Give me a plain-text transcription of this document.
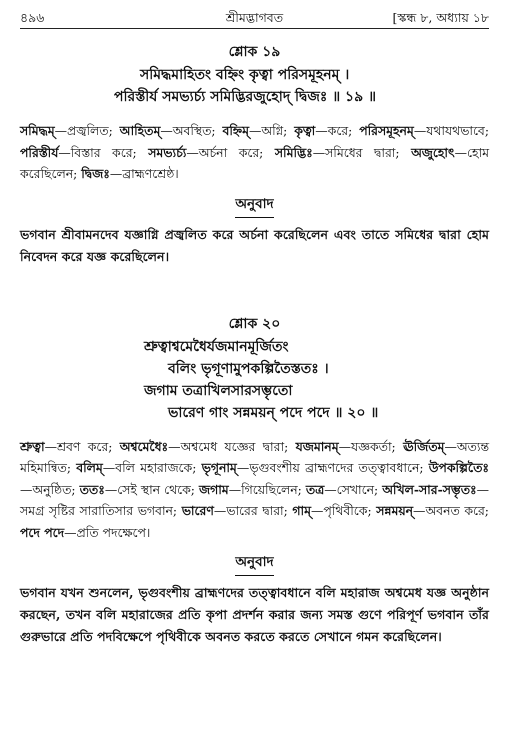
৪৯৬	শ্রীমদ্ভাগবত	[স্কন্ধ ৮, অধ্যায় ১৮
শ্লোক ১৯
সমিদ্ধমাহিতং বহ্নিং কৃত্বা পরিসমূহনম্ ।
পরিস্তীর্য সমভ্যর্চ্য সমিদ্ভিরজুহোদ্ দ্বিজঃ ॥ ১৯ ॥
সমিদ্ধম্—প্রজ্বলিত; আহিতম্—অবস্থিত; বহ্নিম্—অগ্নি; কৃত্বা—করে; পরিসমূহনম্—যথাযথভাবে; পরিস্তীর্য—বিস্তার করে; সমভ্যর্চ্য—অর্চনা করে; সমিদ্ভিঃ—সমিধের দ্বারা; অজুহোৎ—হোম করেছিলেন; দ্বিজঃ—ব্রাহ্মণশ্রেষ্ঠ।
অনুবাদ
ভগবান শ্রীবামনদেব যজ্ঞাগ্নি প্রজ্বলিত করে অর্চনা করেছিলেন এবং তাতে সমিধের দ্বারা হোম নিবেদন করে যজ্ঞ করেছিলেন।
শ্লোক ২০
শ্রুত্বাশ্বমেধৈর্যজমানমূর্জিতং
বলিং ভৃগূণামুপকল্পিতৈস্ততঃ ।
জগাম তত্রাখিলসারসম্ভৃতো
ভারেণ গাং সন্নময়ন্ পদে পদে ॥ ২০ ॥
শ্রুত্বা—শ্রবণ করে; অশ্বমেধৈঃ—অশ্বমেধ যজ্ঞের দ্বারা; যজমানম্—যজ্ঞকর্তা; ঊর্জিতম্—অত্যন্ত মহিমান্বিত; বলিম্—বলি মহারাজকে; ভৃগূনাম্—ভৃগুবংশীয় ব্রাহ্মণদের তত্ত্বাবধানে; উপকল্পিতৈঃ—অনুষ্ঠিত; ততঃ—সেই স্থান থেকে; জগাম—গিয়েছিলেন; তত্র—সেখানে; অখিল-সার-সম্ভৃতঃ—সমগ্র সৃষ্টির সারাতিসার ভগবান; ভারেণ—ভারের দ্বারা; গাম্—পৃথিবীকে; সন্নময়ন্—অবনত করে; পদে পদে—প্রতি পদক্ষেপে।
অনুবাদ
ভগবান যখন শুনলেন, ভৃগুবংশীয় ব্রাহ্মণদের তত্ত্বাবধানে বলি মহারাজ অশ্বমেধ যজ্ঞ অনুষ্ঠান করছেন, তখন বলি মহারাজের প্রতি কৃপা প্রদর্শন করার জন্য সমস্ত গুণে পরিপূর্ণ ভগবান তাঁর গুরুভারে প্রতি পদবিক্ষেপে পৃথিবীকে অবনত করতে করতে সেখানে গমন করেছিলেন।
